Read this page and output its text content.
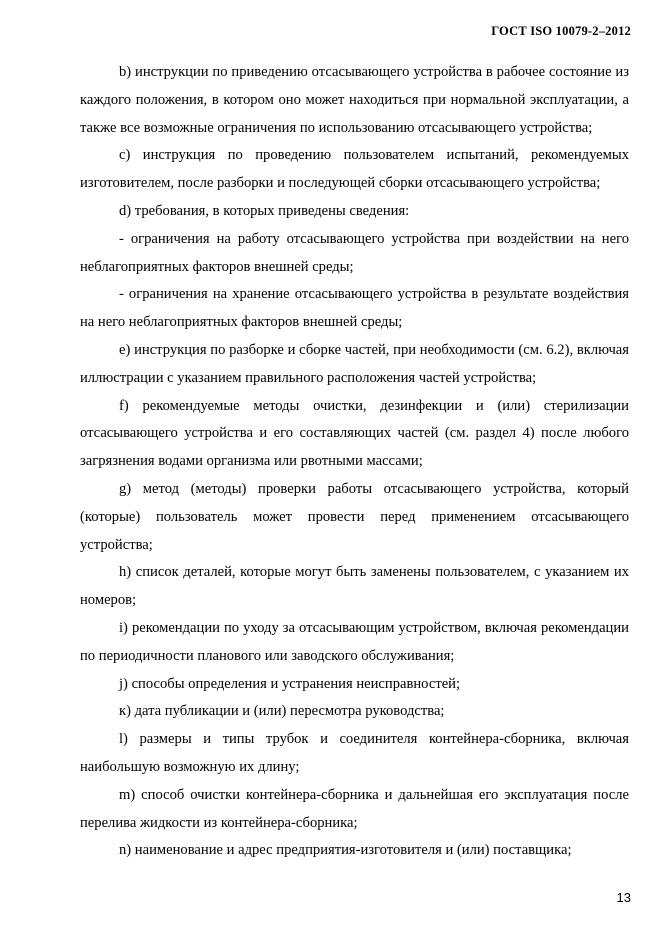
ГОСТ ISO 10079-2–2012

b) инструкции по приведению отсасывающего устройства в рабочее состояние из каждого положения, в котором оно может находиться при нормальной эксплуатации, а также все возможные ограничения по использованию отсасывающего устройства;

c) инструкция по проведению пользователем испытаний, рекомендуемых изготовителем, после разборки и последующей сборки отсасывающего устройства;

d) требования, в которых приведены сведения:

- ограничения на работу отсасывающего устройства при воздействии на него неблагоприятных факторов внешней среды;

- ограничения на хранение отсасывающего устройства в результате воздействия на него неблагоприятных факторов внешней среды;

e) инструкция по разборке и сборке частей, при необходимости (см. 6.2), включая иллюстрации с указанием правильного расположения частей устройства;

f) рекомендуемые методы очистки, дезинфекции и (или) стерилизации отсасывающего устройства и его составляющих частей (см. раздел 4) после любого загрязнения водами организма или рвотными массами;

g) метод (методы) проверки работы отсасывающего устройства, который (которые) пользователь может провести перед применением отсасывающего устройства;

h) список деталей, которые могут быть заменены пользователем, с указанием их номеров;

i) рекомендации по уходу за отсасывающим устройством, включая рекомендации по периодичности планового или заводского обслуживания;

j) способы определения и устранения неисправностей;

к) дата публикации и (или) пересмотра руководства;

l) размеры и типы трубок и соединителя контейнера-сборника, включая наибольшую возможную их длину;

m) способ очистки контейнера-сборника и дальнейшая его эксплуатация после перелива жидкости из контейнера-сборника;

n) наименование и адрес предприятия-изготовителя и (или) поставщика;

13
